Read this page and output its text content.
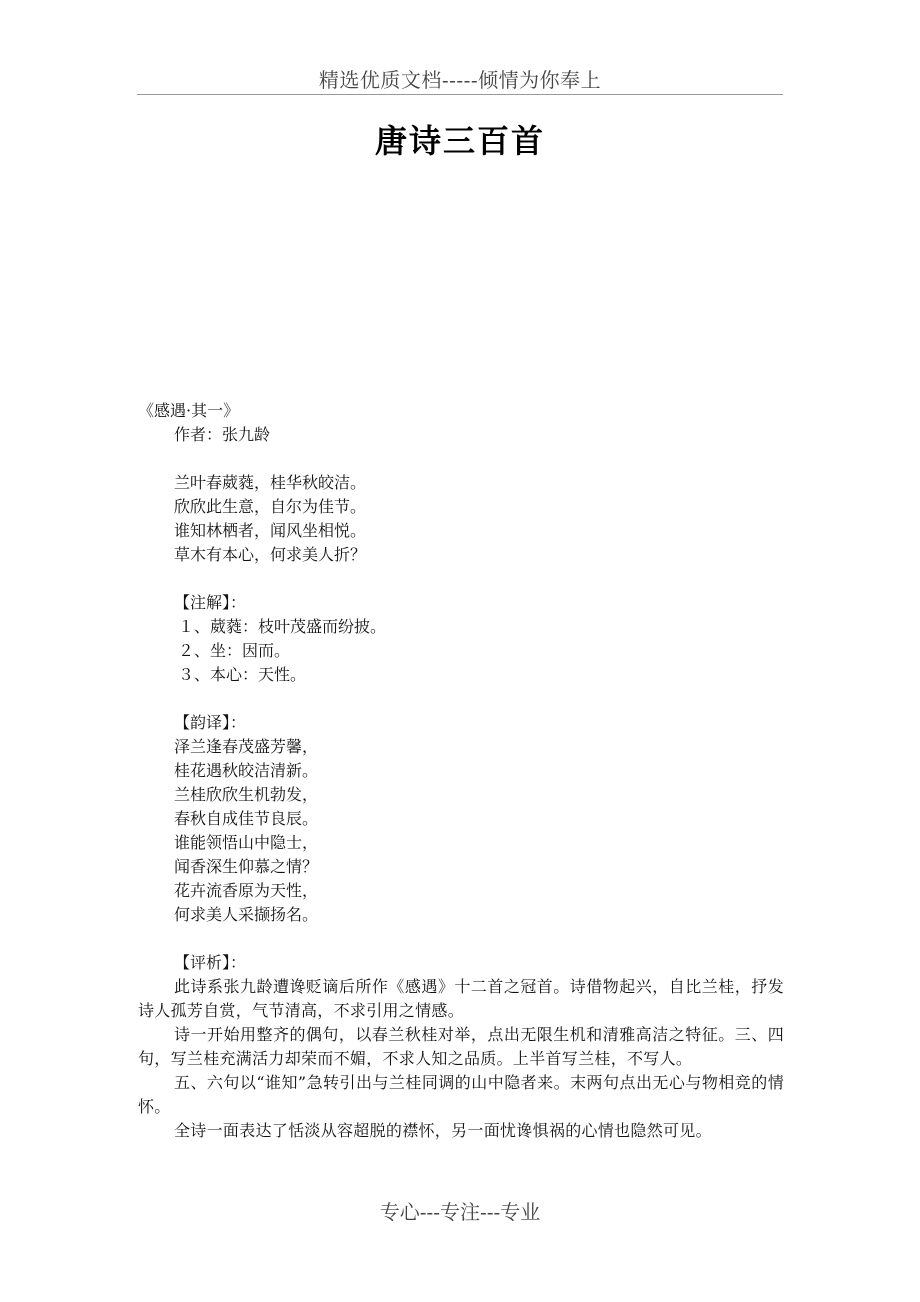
精选优质文档-----倾情为你奉上
唐诗三百首
《感遇·其一》
作者：张九龄
兰叶春葳蕤，桂华秋皎洁。
欣欣此生意，自尔为佳节。
谁知林栖者，闻风坐相悦。
草木有本心，何求美人折？
【注解】：
１、葳蕤：枝叶茂盛而纷披。
２、坐：因而。
３、本心：天性。
【韵译】：
泽兰逢春茂盛芳馨，
桂花遇秋皎洁清新。
兰桂欣欣生机勃发，
春秋自成佳节良辰。
谁能领悟山中隐士，
闻香深生仰慕之情？
花卉流香原为天性，
何求美人采撷扬名。
【评析】：
此诗系张九龄遭谗贬谪后所作《感遇》十二首之冠首。诗借物起兴，自比兰桂，抒发诗人孤芳自赏，气节清高，不求引用之情感。
诗一开始用整齐的偶句，以春兰秋桂对举，点出无限生机和清雅高洁之特征。三、四句，写兰桂充满活力却荣而不媚，不求人知之品质。上半首写兰桂，不写人。
五、六句以“谁知”急转引出与兰桂同调的山中隐者来。末两句点出无心与物相竞的情怀。
全诗一面表达了恬淡从容超脱的襟怀，另一面忧谗惧祸的心情也隐然可见。
专心---专注---专业
